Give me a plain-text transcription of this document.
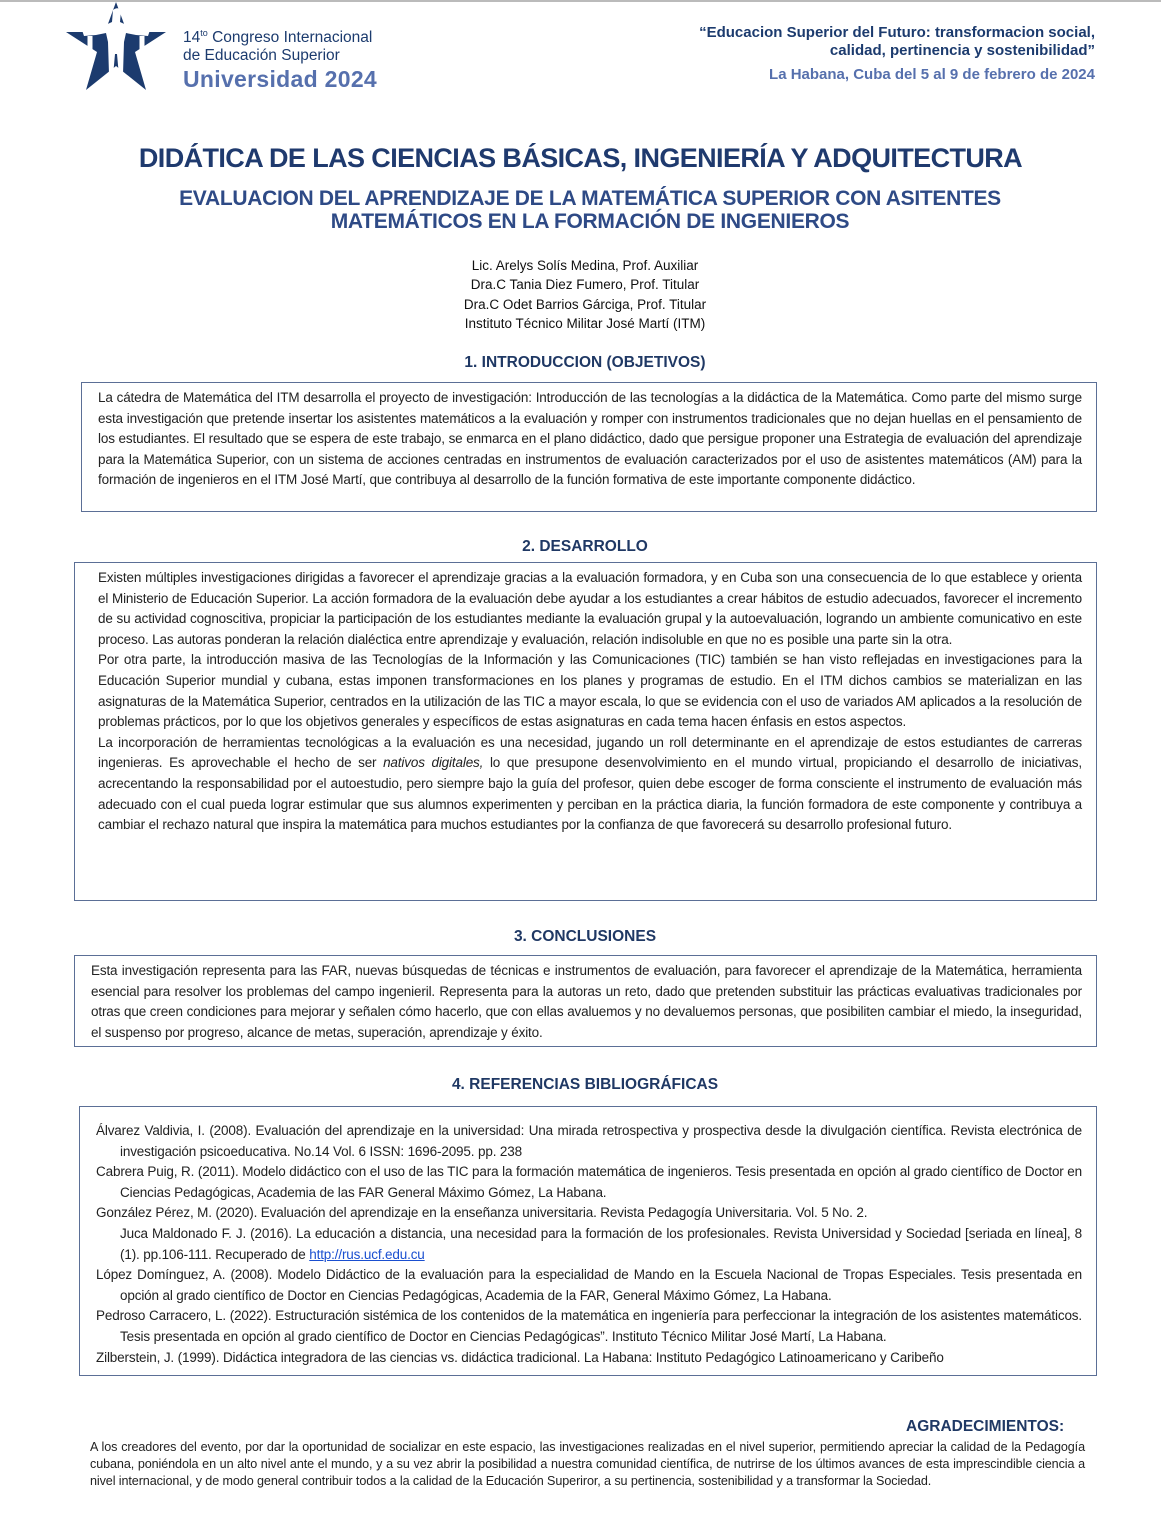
$14^{to}$ Congreso Internacional
de Educación Superior
Universidad 2024
“Educacion Superior del Futuro: transformacion social,
calidad, pertinencia y sostenibilidad”
La Habana, Cuba del 5 al 9 de febrero de 2024
DIDÁTICA DE LAS CIENCIAS BÁSICAS, INGENIERÍA Y ADQUITECTURA
EVALUACION DEL APRENDIZAJE DE LA MATEMÁTICA SUPERIOR CON ASITENTES MATEMÁTICOS EN LA FORMACIÓN DE INGENIEROS
Lic. Arelys Solís Medina, Prof. Auxiliar
Dra.C Tania Diez Fumero, Prof. Titular
Dra.C Odet Barrios Gárciga, Prof. Titular
Instituto Técnico Militar José Martí (ITM)
1. INTRODUCCION (OBJETIVOS)

La cátedra de Matemática del ITM desarrolla el proyecto de investigación: Introducción de las tecnologías a la didáctica de la Matemática. Como parte del mismo surge esta investigación que pretende insertar los asistentes matemáticos a la evaluación y romper con instrumentos tradicionales que no dejan huellas en el pensamiento de los estudiantes. El resultado que se espera de este trabajo, se enmarca en el plano didáctico, dado que persigue proponer una Estrategia de evaluación del aprendizaje para la Matemática Superior, con un sistema de acciones centradas en instrumentos de evaluación caracterizados por el uso de asistentes matemáticos (AM) para la formación de ingenieros en el ITM José Martí, que contribuya al desarrollo de la función formativa de este importante componente didáctico.

2. DESARROLLO

Existen múltiples investigaciones dirigidas a favorecer el aprendizaje gracias a la evaluación formadora, y en Cuba son una consecuencia de lo que establece y orienta el Ministerio de Educación Superior. La acción formadora de la evaluación debe ayudar a los estudiantes a crear hábitos de estudio adecuados, favorecer el incremento de su actividad cognoscitiva, propiciar la participación de los estudiantes mediante la evaluación grupal y la autoevaluación, logrando un ambiente comunicativo en este proceso. Las autoras ponderan la relación dialéctica entre aprendizaje y evaluación, relación indisoluble en que no es posible una parte sin la otra.

Por otra parte, la introducción masiva de las Tecnologías de la Información y las Comunicaciones (TIC) también se han visto reflejadas en investigaciones para la Educación Superior mundial y cubana, estas imponen transformaciones en los planes y programas de estudio. En el ITM dichos cambios se materializan en las asignaturas de la Matemática Superior, centrados en la utilización de las TIC a mayor escala, lo que se evidencia con el uso de variados AM aplicados a la resolución de problemas prácticos, por lo que los objetivos generales y específicos de estas asignaturas en cada tema hacen énfasis en estos aspectos.

La incorporación de herramientas tecnológicas a la evaluación es una necesidad, jugando un roll determinante en el aprendizaje de estos estudiantes de carreras ingenieras. Es aprovechable el hecho de ser nativos digitales, lo que presupone desenvolvimiento en el mundo virtual, propiciando el desarrollo de iniciativas, acrecentando la responsabilidad por el autoestudio, pero siempre bajo la guía del profesor, quien debe escoger de forma consciente el instrumento de evaluación más adecuado con el cual pueda lograr estimular que sus alumnos experimenten y perciban en la práctica diaria, la función formadora de este componente y contribuya a cambiar el rechazo natural que inspira la matemática para muchos estudiantes por la confianza de que favorecerá su desarrollo profesional futuro.

3. CONCLUSIONES

Esta investigación representa para las FAR, nuevas búsquedas de técnicas e instrumentos de evaluación, para favorecer el aprendizaje de la Matemática, herramienta esencial para resolver los problemas del campo ingenieril. Representa para la autoras un reto, dado que pretenden substituir las prácticas evaluativas tradicionales por otras que creen condiciones para mejorar y señalen cómo hacerlo, que con ellas avaluemos y no devaluemos personas, que posibiliten cambiar el miedo, la inseguridad, el suspenso por progreso, alcance de metas, superación, aprendizaje y éxito.

4. REFERENCIAS BIBLIOGRÁFICAS

Álvarez Valdivia, I. (2008). Evaluación del aprendizaje en la universidad: Una mirada retrospectiva y prospectiva desde la divulgación científica. Revista electrónica de investigación psicoeducativa. No.14 Vol. 6 ISSN: 1696-2095. pp. 238

Cabrera Puig, R. (2011). Modelo didáctico con el uso de las TIC para la formación matemática de ingenieros. Tesis presentada en opción al grado científico de Doctor en Ciencias Pedagógicas, Academia de las FAR General Máximo Gómez, La Habana.

González Pérez, M. (2020). Evaluación del aprendizaje en la enseñanza universitaria. Revista Pedagogía Universitaria. Vol. 5 No. 2.

Juca Maldonado F. J. (2016). La educación a distancia, una necesidad para la formación de los profesionales. Revista Universidad y Sociedad [seriada en línea], 8 (1). pp.106-111. Recuperado de http://rus.ucf.edu.cu

López Domínguez, A. (2008). Modelo Didáctico de la evaluación para la especialidad de Mando en la Escuela Nacional de Tropas Especiales. Tesis presentada en opción al grado científico de Doctor en Ciencias Pedagógicas, Academia de la FAR, General Máximo Gómez, La Habana.

Pedroso Carracero, L. (2022). Estructuración sistémica de los contenidos de la matemática en ingeniería para perfeccionar la integración de los asistentes matemáticos. Tesis presentada en opción al grado científico de Doctor en Ciencias Pedagógicas”. Instituto Técnico Militar José Martí, La Habana.

Zilberstein, J. (1999). Didáctica integradora de las ciencias vs. didáctica tradicional. La Habana: Instituto Pedagógico Latinoamericano y Caribeño

AGRADECIMIENTOS:
A los creadores del evento, por dar la oportunidad de socializar en este espacio, las investigaciones realizadas en el nivel superior, permitiendo apreciar la calidad de la Pedagogía cubana, poniéndola en un alto nivel ante el mundo, y a su vez abrir la posibilidad a nuestra comunidad científica, de nutrirse de los últimos avances de esta imprescindible ciencia a nivel internacional, y de modo general contribuir todos a la calidad de la Educación Superiror, a su pertinencia, sostenibilidad y a transformar la Sociedad.
